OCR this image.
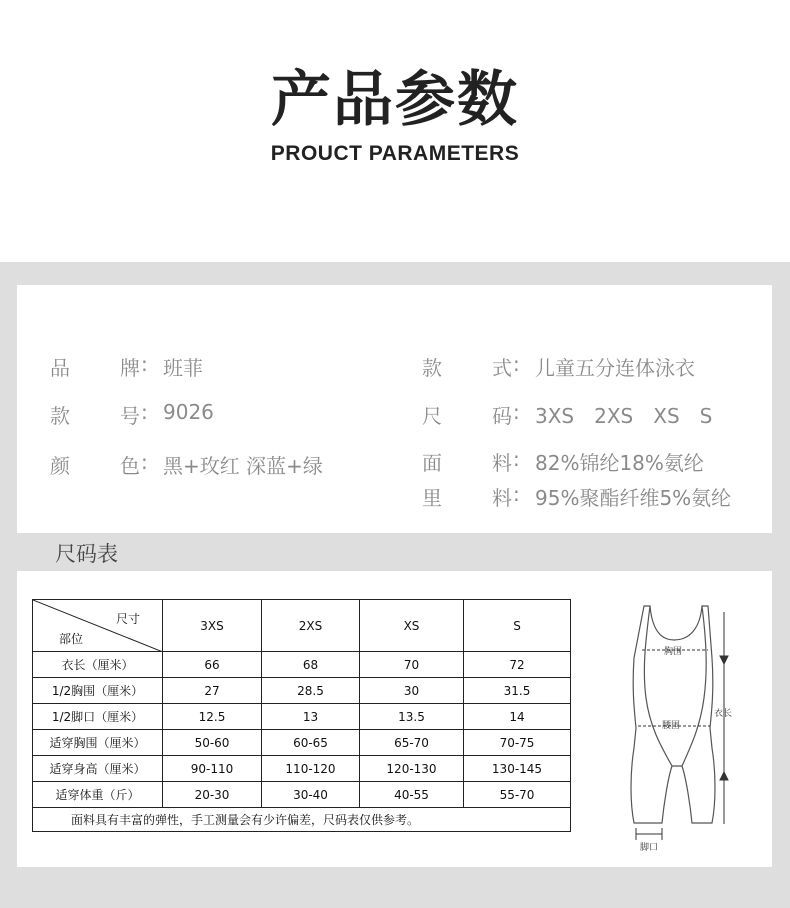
产品参数
PROUCT PARAMETERS
品	牌 : 班菲
款	号 : 9026
颜	色 : 黑+玫红 深蓝+绿
款	式 : 儿童五分连体泳衣
尺	码 : 3XS　2XS　XS　S
面	料 : 82%锦纶18%氨纶
里	料 : 95%聚酯纤维5%氨纶
尺码表
尺寸
部位	3XS	2XS	XS	S
衣长（厘米）	66	68	70	72
1/2胸围（厘米）	27	28.5	30	31.5
1/2脚口（厘米）	12.5	13	13.5	14
适穿胸围（厘米）	50-60	60-65	65-70	70-75
适穿身高（厘米）	90-110	110-120	120-130	130-145
适穿体重（斤）	20-30	30-40	40-55	55-70
面料具有丰富的弹性，手工测量会有少许偏差，尺码表仅供参考。				
胸围
腰围
衣长
脚口
